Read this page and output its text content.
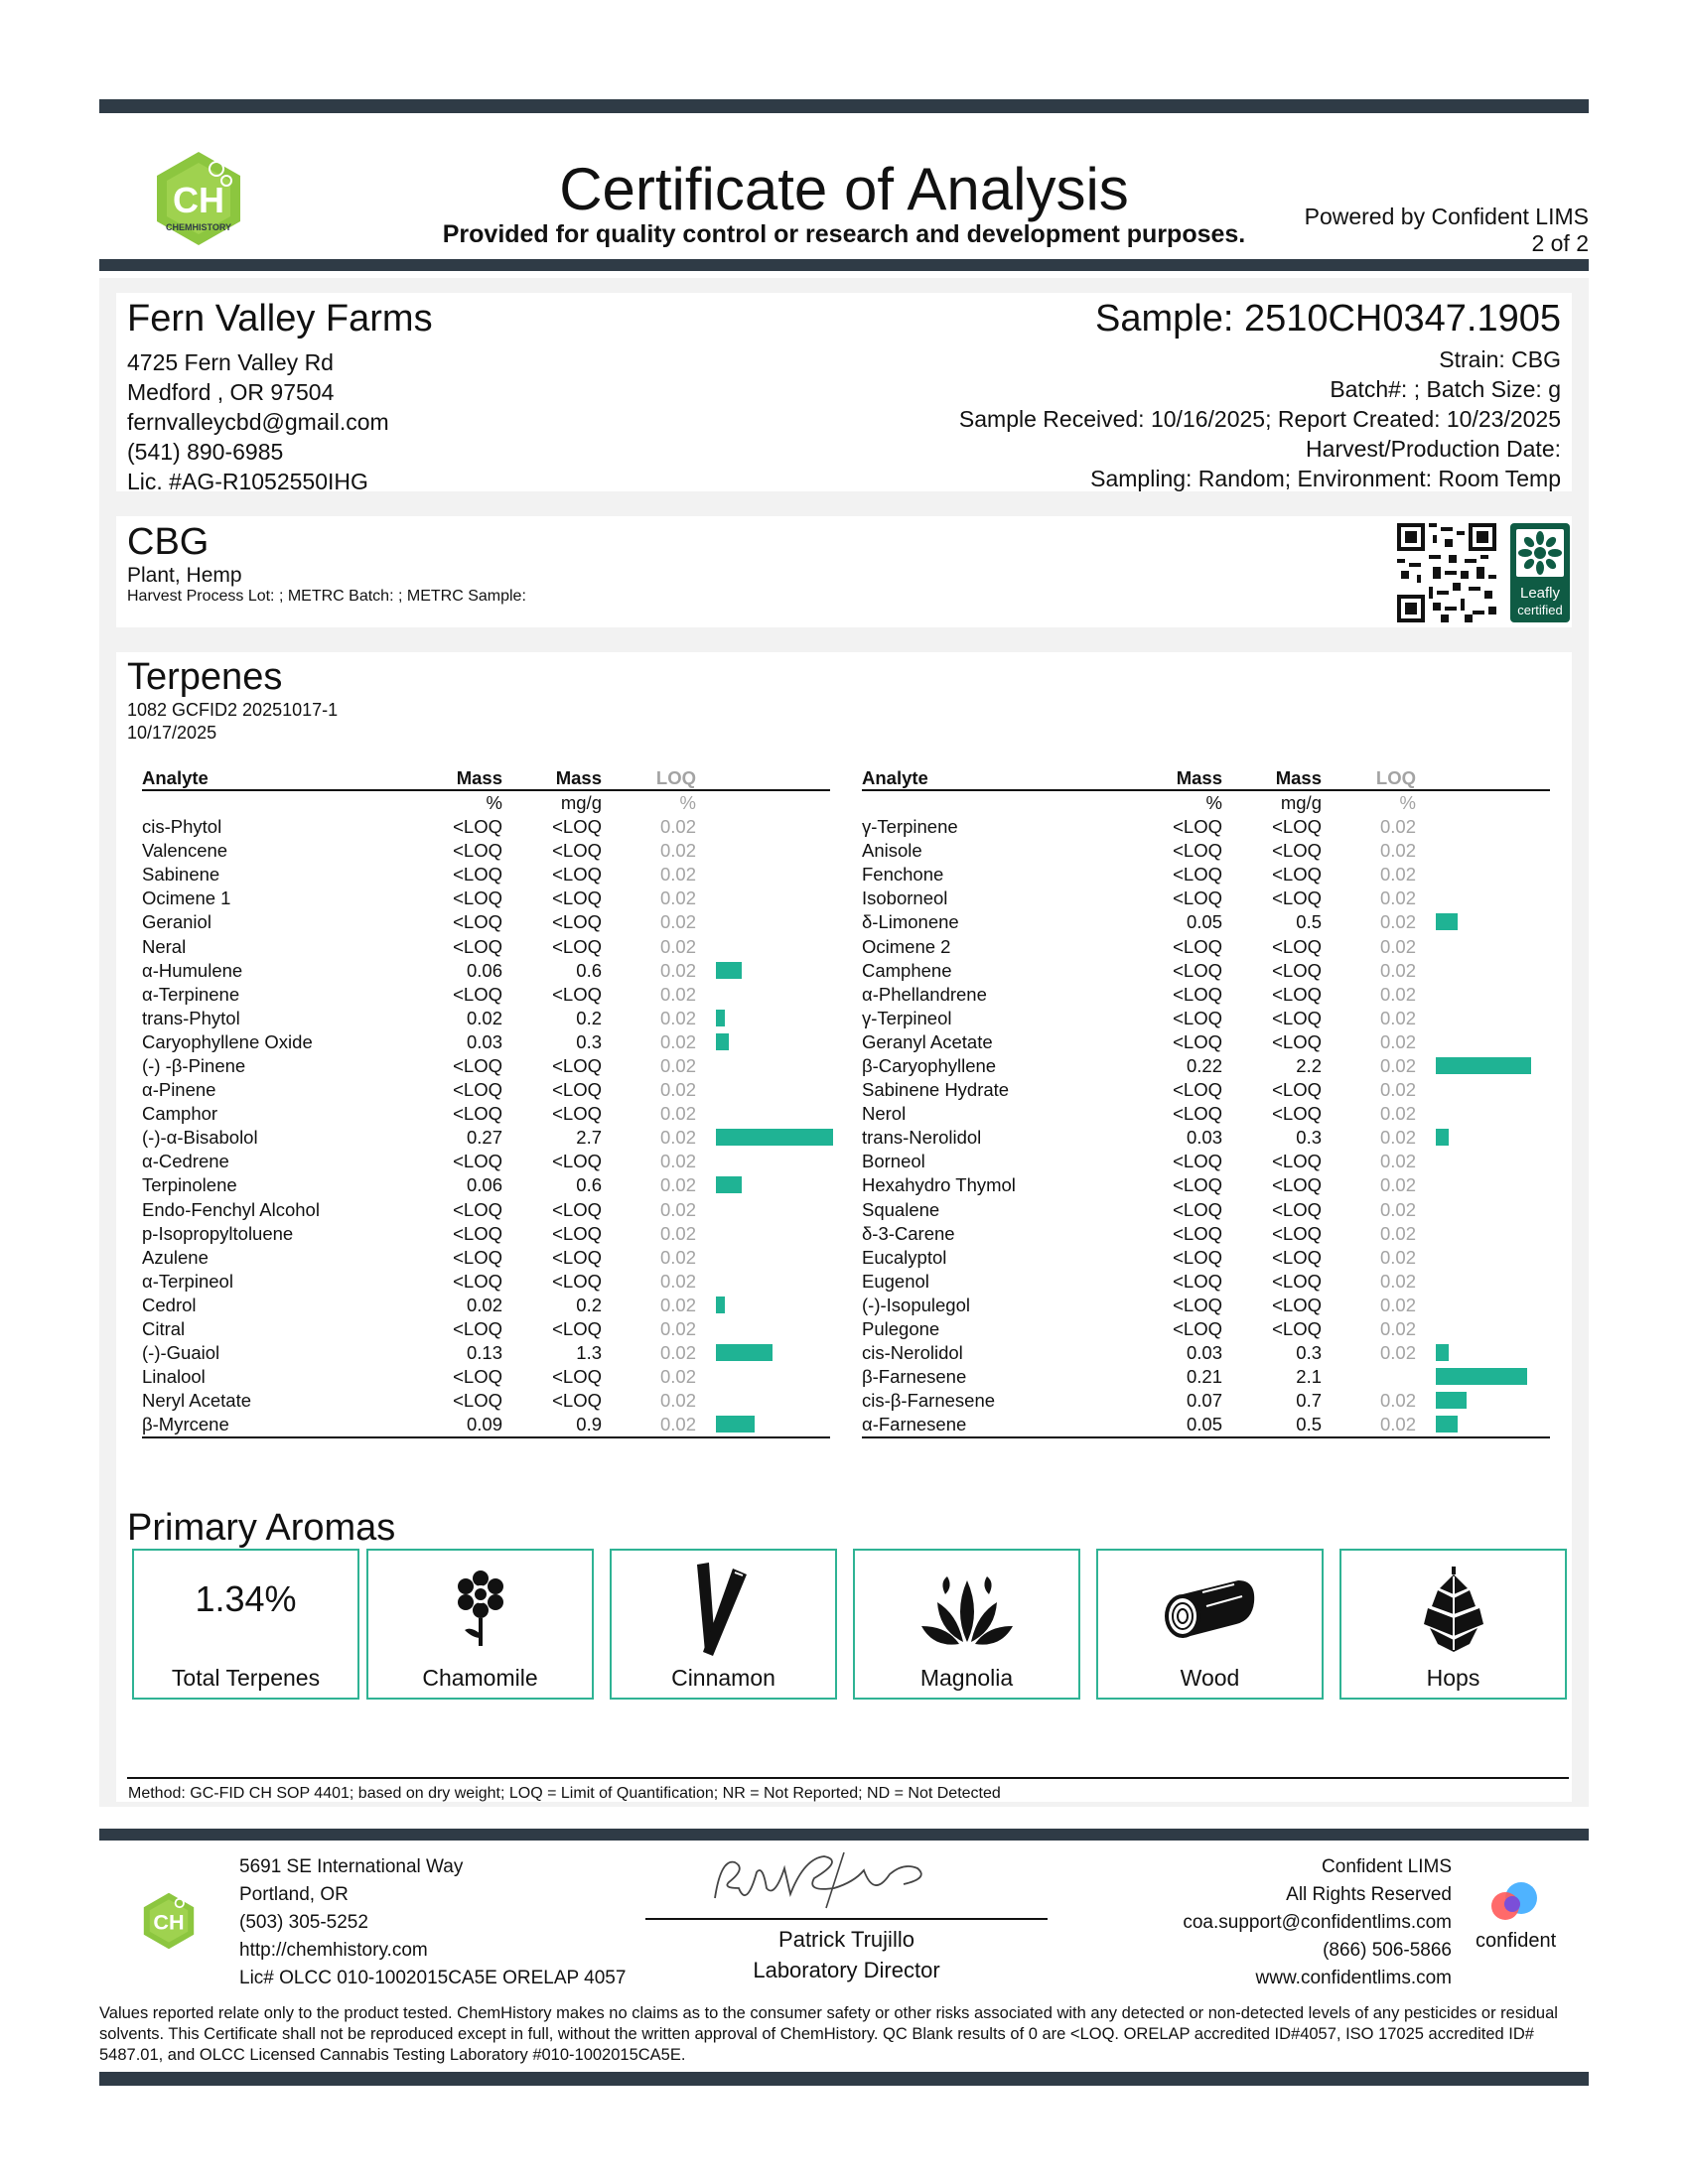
CH
CHEMHISTORY
Certificate of Analysis
Provided for quality control or research and development purposes.
Powered by Confident LIMS
2 of 2
Fern Valley Farms
4725 Fern Valley Rd
Medford , OR 97504
fernvalleycbd@gmail.com
(541) 890-6985
Lic. #AG-R1052550IHG
Sample: 2510CH0347.1905
Strain: CBG
Batch#: ; Batch Size: g
Sample Received: 10/16/2025; Report Created: 10/23/2025
Harvest/Production Date:
Sampling: Random; Environment: Room Temp
CBG
Plant, Hemp
Harvest Process Lot: ; METRC Batch: ; METRC Sample:	Leafly
certified
Terpenes
1082 GCFID2 20251017-1
10/17/2025
Primary Aromas
Analyte	Mass	Mass	LOQ
%	mg/g	%
cis-Phytol	<LOQ	<LOQ	0.02
Valencene	<LOQ	<LOQ	0.02
Sabinene	<LOQ	<LOQ	0.02
Ocimene 1	<LOQ	<LOQ	0.02
Geraniol	<LOQ	<LOQ	0.02
Neral	<LOQ	<LOQ	0.02
α-Humulene	0.06	0.6	0.02
α-Terpinene	<LOQ	<LOQ	0.02
trans-Phytol	0.02	0.2	0.02
Caryophyllene Oxide	0.03	0.3	0.02
(-) -β-Pinene	<LOQ	<LOQ	0.02
α-Pinene	<LOQ	<LOQ	0.02
Camphor	<LOQ	<LOQ	0.02
(-)-α-Bisabolol	0.27	2.7	0.02
α-Cedrene	<LOQ	<LOQ	0.02
Terpinolene	0.06	0.6	0.02
Endo-Fenchyl Alcohol	<LOQ	<LOQ	0.02
p-Isopropyltoluene	<LOQ	<LOQ	0.02
Azulene	<LOQ	<LOQ	0.02
α-Terpineol	<LOQ	<LOQ	0.02
Cedrol	0.02	0.2	0.02
Citral	<LOQ	<LOQ	0.02
(-)-Guaiol	0.13	1.3	0.02
Linalool	<LOQ	<LOQ	0.02
Neryl Acetate	<LOQ	<LOQ	0.02
β-Myrcene	0.09	0.9	0.02
Analyte	Mass	Mass	LOQ
%	mg/g	%
γ-Terpinene	<LOQ	<LOQ	0.02
Anisole	<LOQ	<LOQ	0.02
Fenchone	<LOQ	<LOQ	0.02
Isoborneol	<LOQ	<LOQ	0.02
δ-Limonene	0.05	0.5	0.02
Ocimene 2	<LOQ	<LOQ	0.02
Camphene	<LOQ	<LOQ	0.02
α-Phellandrene	<LOQ	<LOQ	0.02
γ-Terpineol	<LOQ	<LOQ	0.02
Geranyl Acetate	<LOQ	<LOQ	0.02
β-Caryophyllene	0.22	2.2	0.02
Sabinene Hydrate	<LOQ	<LOQ	0.02
Nerol	<LOQ	<LOQ	0.02
trans-Nerolidol	0.03	0.3	0.02
Borneol	<LOQ	<LOQ	0.02
Hexahydro Thymol	<LOQ	<LOQ	0.02
Squalene	<LOQ	<LOQ	0.02
δ-3-Carene	<LOQ	<LOQ	0.02
Eucalyptol	<LOQ	<LOQ	0.02
Eugenol	<LOQ	<LOQ	0.02
(-)-Isopulegol	<LOQ	<LOQ	0.02
Pulegone	<LOQ	<LOQ	0.02
cis-Nerolidol	0.03	0.3	0.02
β-Farnesene	0.21	2.1
cis-β-Farnesene	0.07	0.7	0.02
α-Farnesene	0.05	0.5	0.02
1.34%
Total Terpenes	Chamomile	Cinnamon	Magnolia	Wood	Hops
Method: GC-FID CH SOP 4401; based on dry weight; LOQ = Limit of Quantification; NR = Not Reported; ND = Not Detected
CH
5691 SE International Way
Portland, OR
(503) 305-5252
http://chemhistory.com
Lic# OLCC 010-1002015CA5E ORELAP 4057
Patrick Trujillo
Laboratory Director
Confident LIMS
All Rights Reserved
coa.support@confidentlims.com
(866) 506-5866
www.confidentlims.com
confident
Values reported relate only to the product tested. ChemHistory makes no claims as to the consumer safety or other risks associated with any detected or non-detected levels of any pesticides or residual solvents. This Certificate shall not be reproduced except in full, without the written approval of ChemHistory. QC Blank results of 0 are <LOQ. ORELAP accredited ID#4057, ISO 17025 accredited ID# 5487.01, and OLCC Licensed Cannabis Testing Laboratory #010-1002015CA5E.
